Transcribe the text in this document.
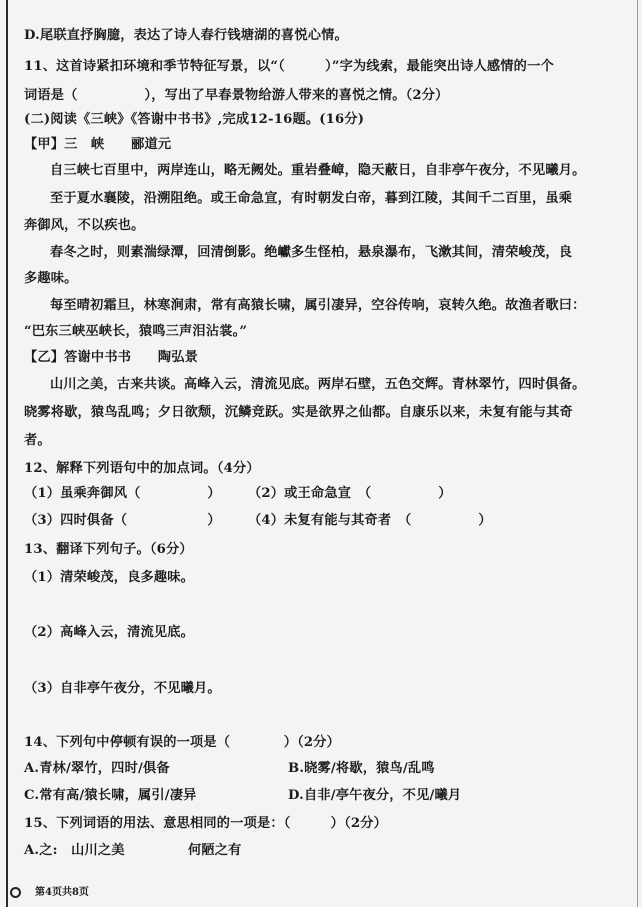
D.尾联直抒胸臆，表达了诗人春行钱塘湖的喜悦心情。
11、这首诗紧扣环境和季节特征写景，以“（　　　）”字为线索，最能突出诗人感情的一个
词语是（　　　　　），写出了早春景物给游人带来的喜悦之情。（2分）
(二)阅读《三峡》《答谢中书书》,完成12-16题。(16分)
【甲】三　峡　　郦道元
自三峡七百里中，两岸连山，略无阙处。重岩叠嶂，隐天蔽日，自非亭午夜分，不见曦月。
至于夏水襄陵，沿溯阻绝。或王命急宣，有时朝发白帝，暮到江陵，其间千二百里，虽乘
奔御风，不以疾也。
春冬之时，则素湍绿潭，回清倒影。绝巘多生怪柏，悬泉瀑布，飞漱其间，清荣峻茂，良
多趣味。
每至晴初霜旦，林寒涧肃，常有高猿长啸，属引凄异，空谷传响，哀转久绝。故渔者歌曰：
“巴东三峡巫峡长，猿鸣三声泪沾裳。”
【乙】答谢中书书　　陶弘景
山川之美，古来共谈。高峰入云，清流见底。两岸石壁，五色交辉。青林翠竹，四时俱备。
晓雾将歇，猿鸟乱鸣；夕日欲颓，沉鳞竞跃。实是欲界之仙都。自康乐以来，未复有能与其奇
者。
12、解释下列语句中的加点词。（4分）
（1）虽乘奔御风（　　　　　） （2）或王命急宣　（　　　　　）
（3）四时俱备（　　　　　　） （4）未复有能与其奇者　（　　　　　）
13、翻译下列句子。（6分）
（1）清荣峻茂，良多趣味。
（2）高峰入云，清流见底。
（3）自非亭午夜分，不见曦月。
14、下列句中停顿有误的一项是（　　　　）（2分）
A.青林/翠竹，四时/俱备	B.晓雾/将歇，猿鸟/乱鸣
C.常有高/猿长啸，属引/凄异	D.自非/亭午夜分，不见/曦月
15、下列词语的用法、意思相同的一项是：（　　　）（2分）
A.之:　山川之美	何陋之有
第4页共8页
